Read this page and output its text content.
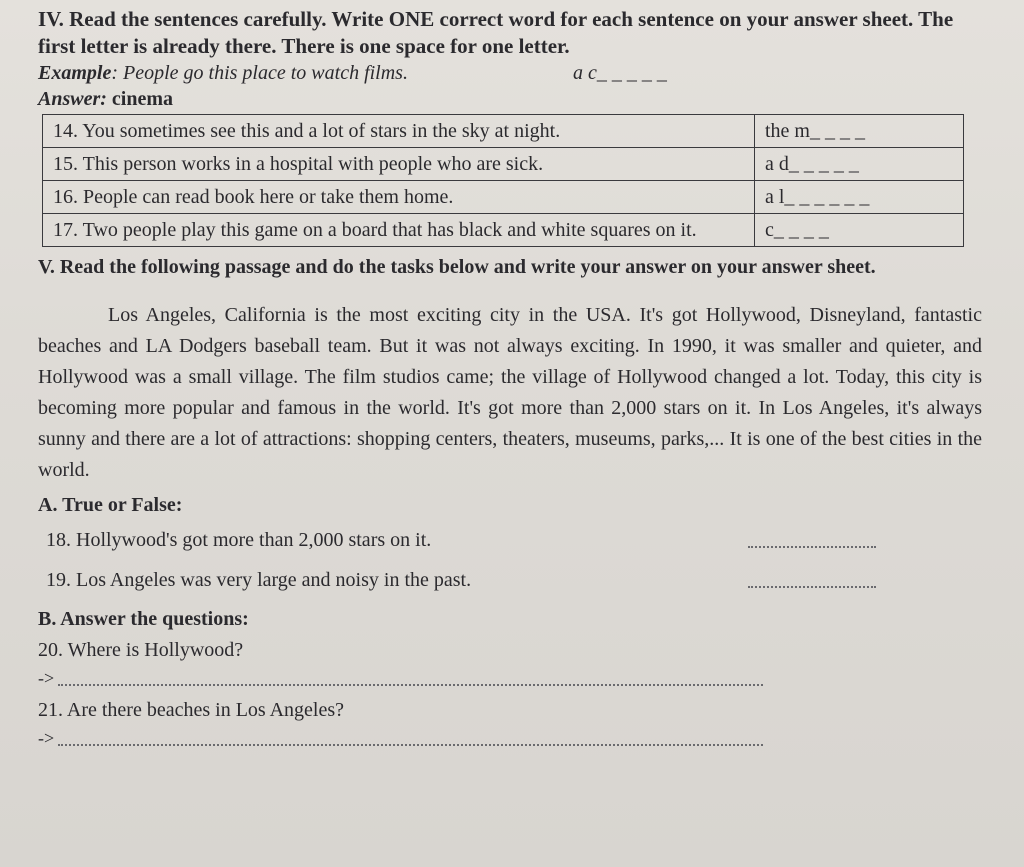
IV. Read the sentences carefully. Write ONE correct word for each sentence on your answer sheet. The first letter is already there. There is one space for one letter.

Example: People go this place to watch films.	a c_ _ _ _ _
Answer: cinema
14. You sometimes see this and a lot of stars in the sky at night.	the m_ _ _ _
15. This person works in a hospital with people who are sick.	a d_ _ _ _ _
16. People can read book here or take them home.	a l_ _ _ _ _ _
17. Two people play this game on a board that has black and white squares on it.	c_ _ _ _

V. Read the following passage and do the tasks below and write your answer on your answer sheet.

Los Angeles, California is the most exciting city in the USA. It's got Hollywood, Disneyland, fantastic beaches and LA Dodgers baseball team. But it was not always exciting. In 1990, it was smaller and quieter, and Hollywood was a small village. The film studios came; the village of Hollywood changed a lot. Today, this city is becoming more popular and famous in the world. It's got more than 2,000 stars on it. In Los Angeles, it's always sunny and there are a lot of attractions: shopping centers, theaters, museums, parks,... It is one of the best cities in the world.
A. True or False:
18. Hollywood's got more than 2,000 stars on it.
19. Los Angeles was very large and noisy in the past.
B. Answer the questions:
20. Where is Hollywood?
->
21. Are there beaches in Los Angeles?
->
